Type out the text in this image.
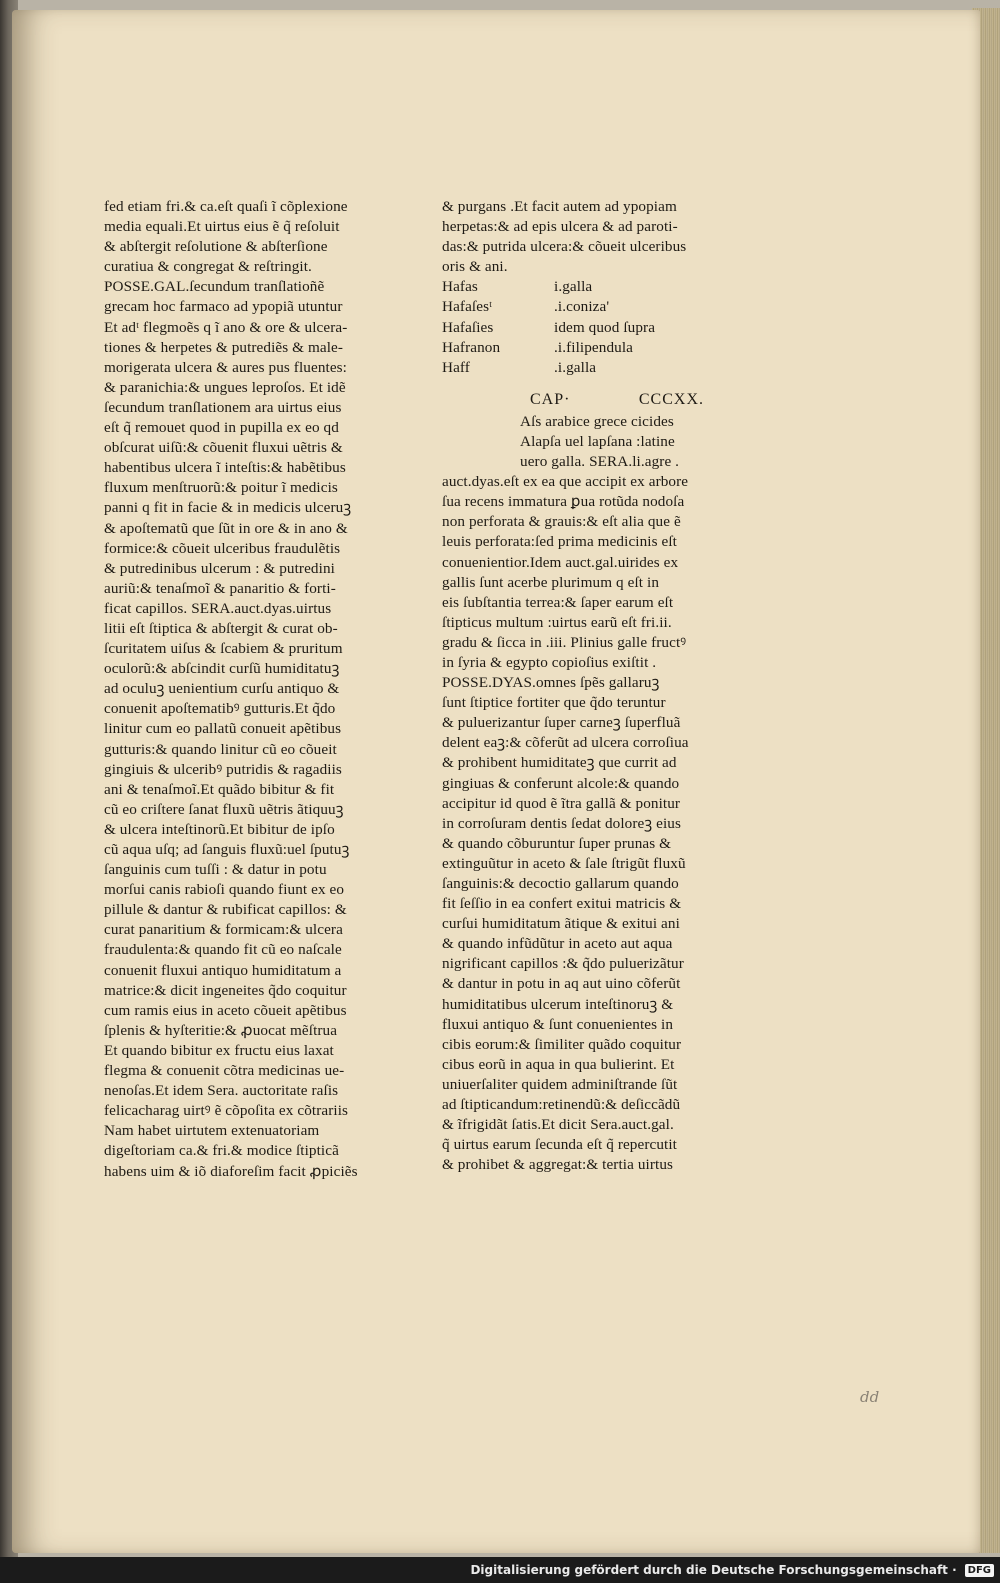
fed etiam fri.& ca.eſt quaſi ĩ cõplexione
media equali.Et uirtus eius ẽ q̃ reſoluit
& abſtergit reſolutione & abſterſione
curatiua & congregat & reſtringit.
POSSE.GAL.ſecundum tranſlatioñẽ
grecam hoc farmaco ad ypopiã utuntur
Et adᵗ flegmoẽs q ĩ ano & ore & ulcera-
tiones & herpetes & putrediẽs & male-
morigerata ulcera & aures pus fluentes:
& paranichia:& ungues leproſos. Et idẽ
ſecundum tranſlationem ara uirtus eius
eſt q̃ remouet quod in pupilla ex eo qd
obſcurat uiſũ:& cõuenit fluxui uẽtris &
habentibus ulcera ĩ inteſtis:& habẽtibus
fluxum menſtruorũ:& poitur ĩ medicis
panni q fit in facie & in medicis ulceruꝫ
& apoſtematũ que ſũt in ore & in ano &
formice:& cõueit ulceribus fraudulẽtis
& putredinibus ulcerum : & putredini
auriũ:& tenaſmoĩ & panaritio & forti-
ficat capillos. SERA.auct.dyas.uirtus
litii eſt ſtiptica & abſtergit & curat ob-
ſcuritatem uiſus & ſcabiem & pruritum
oculorũ:& abſcindit curſũ humiditatuꝫ
ad oculuꝫ uenientium curſu antiquo &
conuenit apoſtematibꝰ gutturis.Et q̃do
linitur cum eo pallatũ conueit apẽtibus
gutturis:& quando linitur cũ eo cõueit
gingiuis & ulceribꝰ putridis & ragadiis
ani & tenaſmoĩ.Et quãdo bibitur & fit
cũ eo criſtere ſanat fluxũ uẽtris ãtiquuꝫ
& ulcera inteſtinorũ.Et bibitur de ipſo
cũ aqua uſq; ad ſanguis fluxũ:uel ſputuꝫ
ſanguinis cum tuſſi : & datur in potu
morſui canis rabioſi quando fiunt ex eo
pillule & dantur & rubificat capillos: &
curat panaritium & formicam:& ulcera
fraudulenta:& quando fit cũ eo naſcale
conuenit fluxui antiquo humiditatum a
matrice:& dicit ingeneites q̃do coquitur
cum ramis eius in aceto cõueit apẽtibus
ſplenis & hyſteritie:& ꝓuocat mẽſtrua
Et quando bibitur ex fructu eius laxat
flegma & conuenit cõtra medicinas ue-
nenoſas.Et idem Sera. auctoritate raſis
felicacharag uirtꝰ ẽ cõpoſita ex cõtrariis
Nam habet uirtutem extenuatoriam
digeſtoriam ca.& fri.& modice ſtipticã
habens uim & iõ diaforeſim facit ꝓpiciẽs
& purgans .Et facit autem ad ypopiam
herpetas:& ad epis ulcera & ad paroti-
das:& putrida ulcera:& cõueit ulceribus
oris & ani.
Hafas	i.galla
Hafaſesᵗ	.i.coniza'
Hafaſies	idem quod ſupra
Hafranon	.i.filipendula
Haff	.i.galla
CAP·	CCCXX.
Aſs arabice grece cicides
Alapſa uel lapſana :latine
uero galla. SERA.li.agre .
auct.dyas.eſt ex ea que accipit ex arbore
ſua recens immatura ꝑua rotũda nodoſa
non perforata & grauis:& eſt alia que ẽ
leuis perforata:ſed prima medicinis eſt
conuenientior.Idem auct.gal.uirides ex
gallis ſunt acerbe plurimum q eſt in
eis ſubſtantia terrea:& ſaper earum eſt
ſtipticus multum :uirtus earũ eſt fri.ii.
gradu & ſicca in .iii. Plinius galle fructꝰ
in ſyria & egypto copioſius exiſtit .
POSSE.DYAS.omnes ſpẽs gallaruꝫ
ſunt ſtiptice fortiter que q̃do teruntur
& puluerizantur ſuper carneꝫ ſuperfluã
delent eaꝫ:& cõferũt ad ulcera corroſiua
& prohibent humiditateꝫ que currit ad
gingiuas & conferunt alcole:& quando
accipitur id quod ẽ ĩtra gallã & ponitur
in corroſuram dentis ſedat doloreꝫ eius
& quando cõburuntur ſuper prunas &
extinguũtur in aceto & ſale ſtrigũt fluxũ
ſanguinis:& decoctio gallarum quando
fit ſeſſio in ea confert exitui matricis &
curſui humiditatum ãtique & exitui ani
& quando infũdũtur in aceto aut aqua
nigrificant capillos :& q̃do puluerizãtur
& dantur in potu in aq aut uino cõferũt
humiditatibus ulcerum inteſtinoruꝫ &
fluxui antiquo & ſunt conuenientes in
cibis eorum:& ſimiliter quãdo coquitur
cibus eorũ in aqua in qua bulierint. Et
uniuerſaliter quidem adminiſtrande ſũt
ad ſtipticandum:retinendũ:& deſiccãdũ
& ĩfrigidãt ſatis.Et dicit Sera.auct.gal.
q̃ uirtus earum ſecunda eſt q̃ repercutit
& prohibet & aggregat:& tertia uirtus
dd
Digitalisierung gefördert durch die Deutsche Forschungsgemeinschaft ·	DFG
